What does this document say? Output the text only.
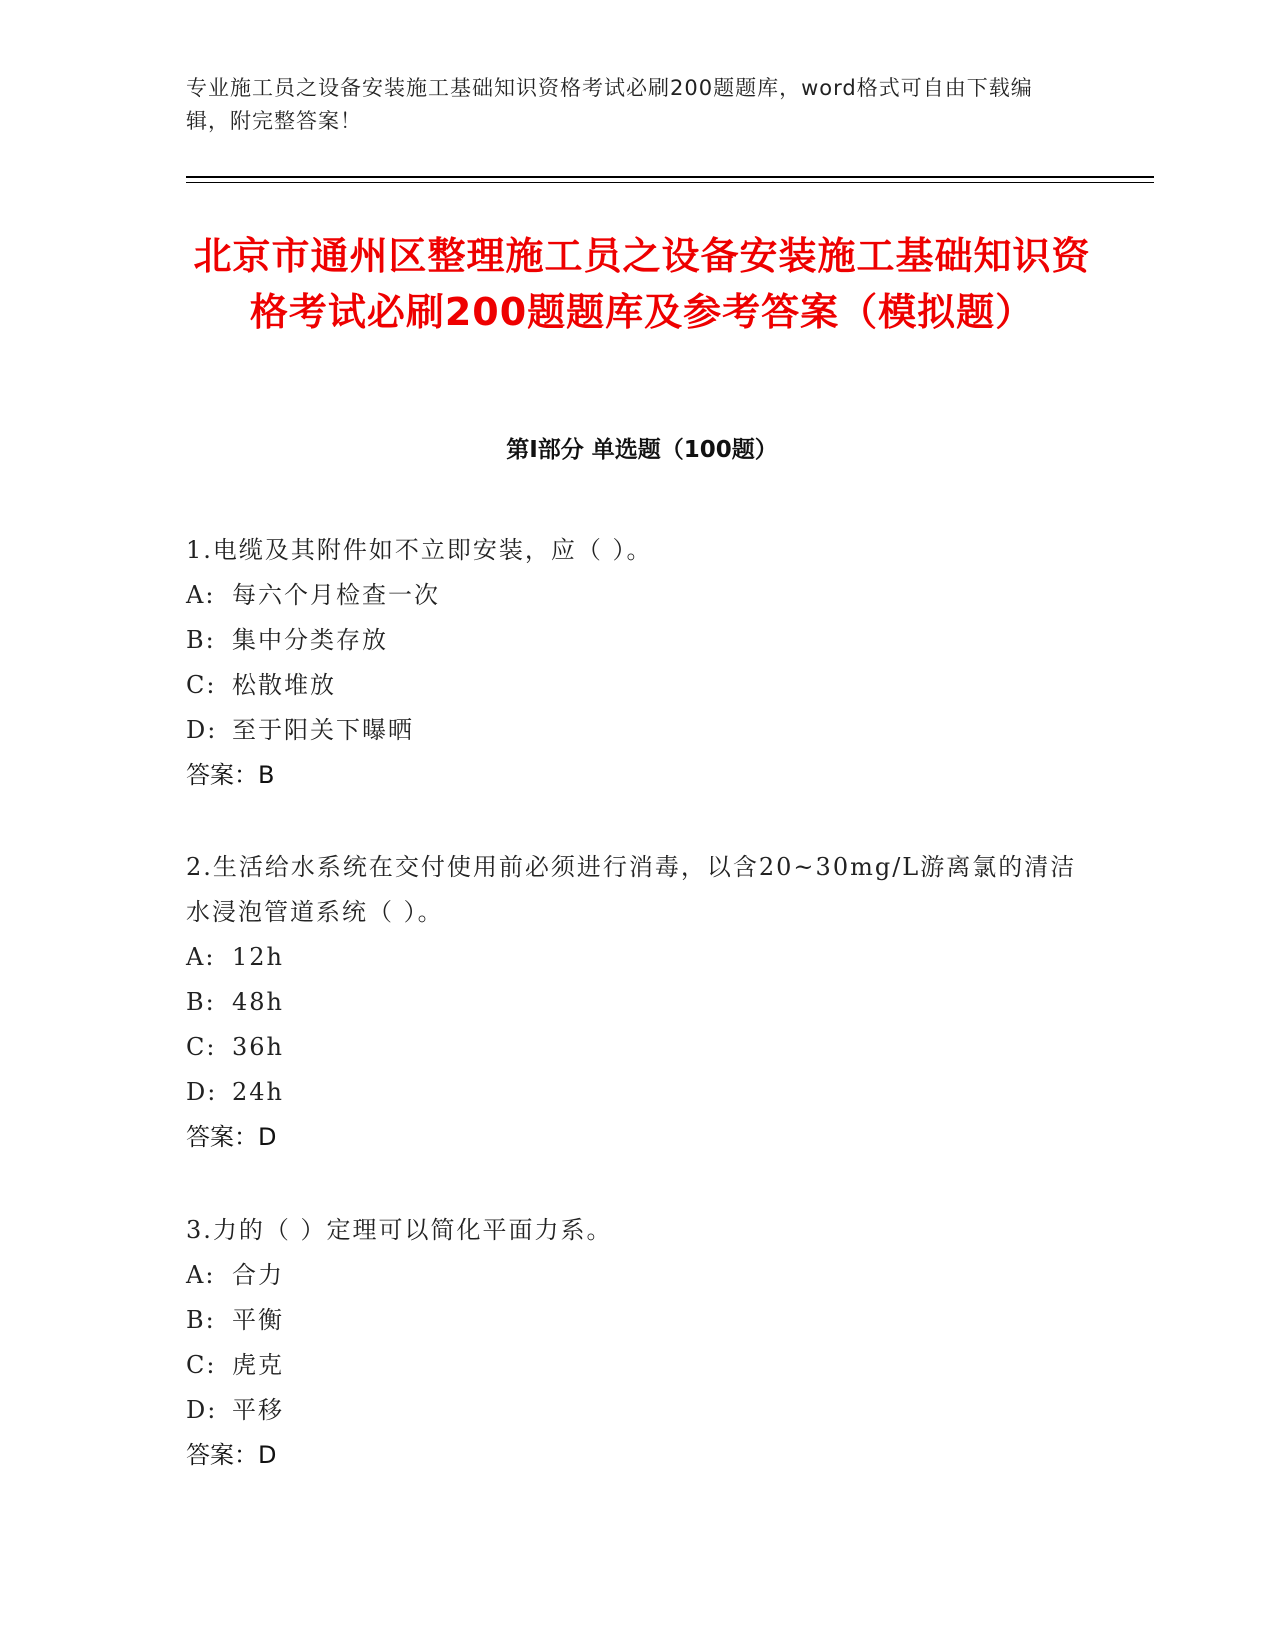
专业施工员之设备安装施工基础知识资格考试必刷200题题库，word格式可自由下载编辑，附完整答案！
北京市通州区整理施工员之设备安装施工基础知识资格考试必刷200题题库及参考答案（模拟题）
第I部分 单选题（100题）
1.电缆及其附件如不立即安装，应（ ）。
A: 每六个月检查一次
B: 集中分类存放
C: 松散堆放
D: 至于阳关下曝晒
答案：B
2.生活给水系统在交付使用前必须进行消毒，以含20~30mg/L游离氯的清洁水浸泡管道系统（ ）。
A: 12h
B: 48h
C: 36h
D: 24h
答案：D
3.力的（ ）定理可以简化平面力系。
A: 合力
B: 平衡
C: 虎克
D: 平移
答案：D
